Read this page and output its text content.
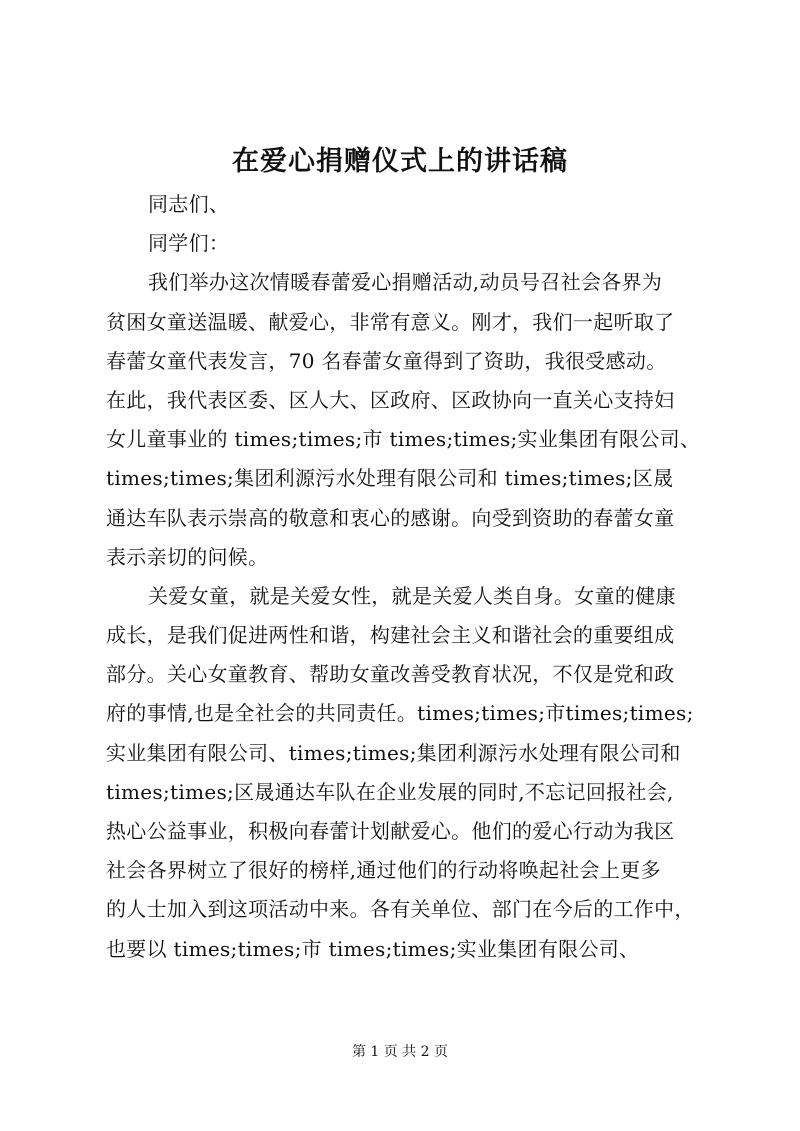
在爱心捐赠仪式上的讲话稿
同志们、
同学们：
我们举办这次情暖春蕾爱心捐赠活动,动员号召社会各界为
贫困女童送温暖、献爱心，非常有意义。刚才，我们一起听取了
春蕾女童代表发言，70 名春蕾女童得到了资助，我很受感动。
在此，我代表区委、区人大、区政府、区政协向一直关心支持妇
女儿童事业的 times;times;市 times;times;实业集团有限公司、
times;times;集团利源污水处理有限公司和 times;times;区晟
通达车队表示崇高的敬意和衷心的感谢。向受到资助的春蕾女童
表示亲切的问候。
关爱女童，就是关爱女性，就是关爱人类自身。女童的健康
成长，是我们促进两性和谐，构建社会主义和谐社会的重要组成
部分。关心女童教育、帮助女童改善受教育状况，不仅是党和政
府的事情,也是全社会的共同责任。times;times;市times;times;
实业集团有限公司、times;times;集团利源污水处理有限公司和
times;times;区晟通达车队在企业发展的同时,不忘记回报社会,
热心公益事业，积极向春蕾计划献爱心。他们的爱心行动为我区
社会各界树立了很好的榜样,通过他们的行动将唤起社会上更多
的人士加入到这项活动中来。各有关单位、部门在今后的工作中，
也要以 times;times;市 times;times;实业集团有限公司、
第 1 页 共 2 页
